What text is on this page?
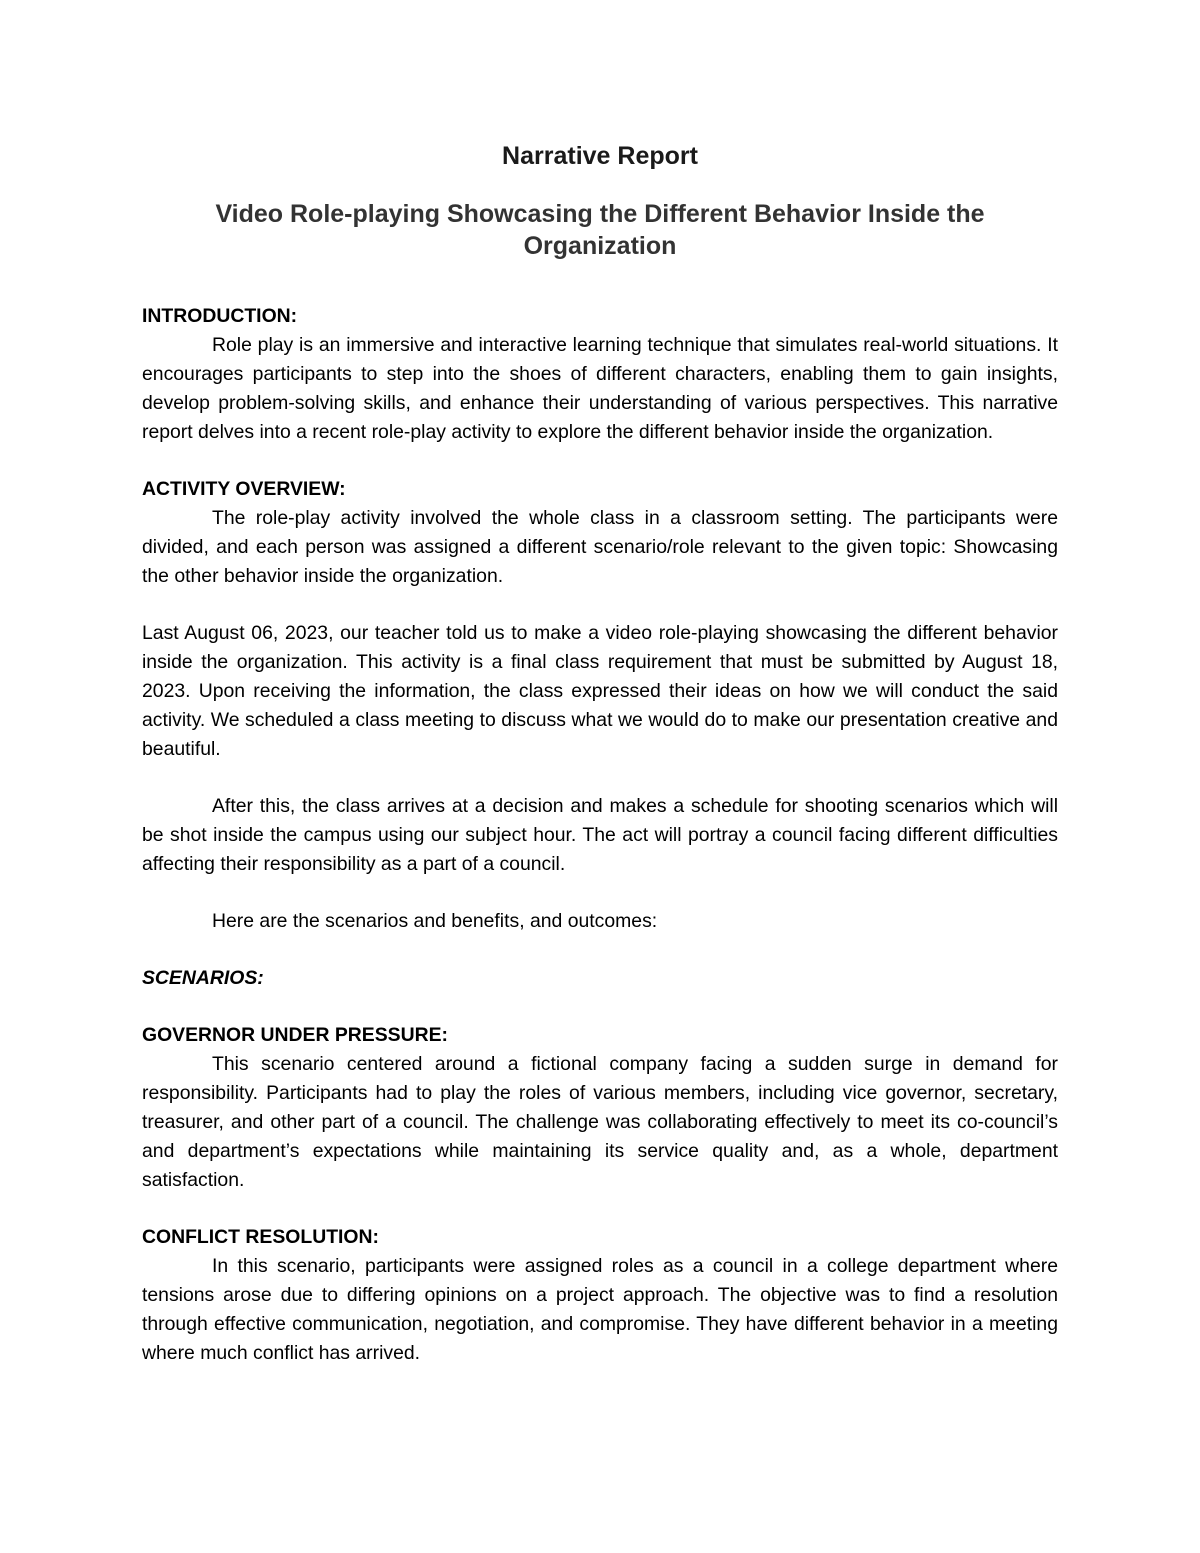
Narrative Report
Video Role-playing Showcasing the Different Behavior Inside the Organization
INTRODUCTION:

Role play is an immersive and interactive learning technique that simulates real-world situations. It encourages participants to step into the shoes of different characters, enabling them to gain insights, develop problem-solving skills, and enhance their understanding of various perspectives. This narrative report delves into a recent role-play activity to explore the different behavior inside the organization.

ACTIVITY OVERVIEW:

The role-play activity involved the whole class in a classroom setting. The participants were divided, and each person was assigned a different scenario/role relevant to the given topic: Showcasing the other behavior inside the organization.

Last August 06, 2023, our teacher told us to make a video role-playing showcasing the different behavior inside the organization. This activity is a final class requirement that must be submitted by August 18, 2023. Upon receiving the information, the class expressed their ideas on how we will conduct the said activity. We scheduled a class meeting to discuss what we would do to make our presentation creative and beautiful.

After this, the class arrives at a decision and makes a schedule for shooting scenarios which will be shot inside the campus using our subject hour. The act will portray a council facing different difficulties affecting their responsibility as a part of a council.

Here are the scenarios and benefits, and outcomes:

SCENARIOS:
GOVERNOR UNDER PRESSURE:

This scenario centered around a fictional company facing a sudden surge in demand for responsibility. Participants had to play the roles of various members, including vice governor, secretary, treasurer, and other part of a council. The challenge was collaborating effectively to meet its co-council’s and department’s expectations while maintaining its service quality and, as a whole, department satisfaction.

CONFLICT RESOLUTION:

In this scenario, participants were assigned roles as a council in a college department where tensions arose due to differing opinions on a project approach. The objective was to find a resolution through effective communication, negotiation, and compromise. They have different behavior in a meeting where much conflict has arrived.
